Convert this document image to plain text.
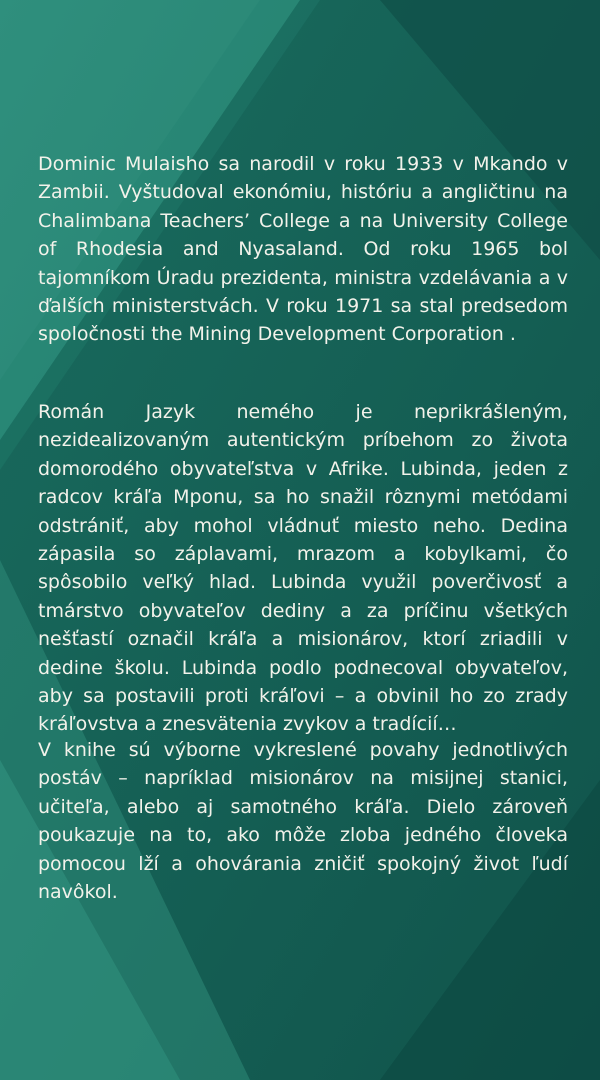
Dominic Mulaisho sa narodil v roku 1933 v Mkando v Zambii. Vyštudoval ekonómiu, históriu a angličtinu na Chalimbana Teachers’ College a na University College of Rhodesia and Nyasaland. Od roku 1965 bol tajomníkom Úradu prezidenta, ministra vzdelávania a v ďalších ministerstvách. V roku 1971 sa stal predsedom spoločnosti the Mining Development Corporation .

Román Jazyk nemého je neprikrášleným, nezidealizovaným autentickým príbehom zo života domorodého obyvateľstva v Afrike. Lubinda, jeden z radcov kráľa Mponu, sa ho snažil rôznymi metódami odstrániť, aby mohol vládnuť miesto neho. Dedina zápasila so záplavami, mrazom a kobylkami, čo spôsobilo veľký hlad. Lubinda využil poverčivosť a tmárstvo obyvateľov dediny a za príčinu všetkých nešťastí označil kráľa a misionárov, ktorí zriadili v dedine školu. Lubinda podlo podnecoval obyvateľov, aby sa postavili proti kráľovi – a obvinil ho zo zrady kráľovstva a znesvätenia zvykov a tradícií…

V knihe sú výborne vykreslené povahy jednotlivých postáv – napríklad misionárov na misijnej stanici, učiteľa, alebo aj samotného kráľa. Dielo zároveň poukazuje na to, ako môže zloba jedného človeka pomocou lží a ohovárania zničiť spokojný život ľudí navôkol.
